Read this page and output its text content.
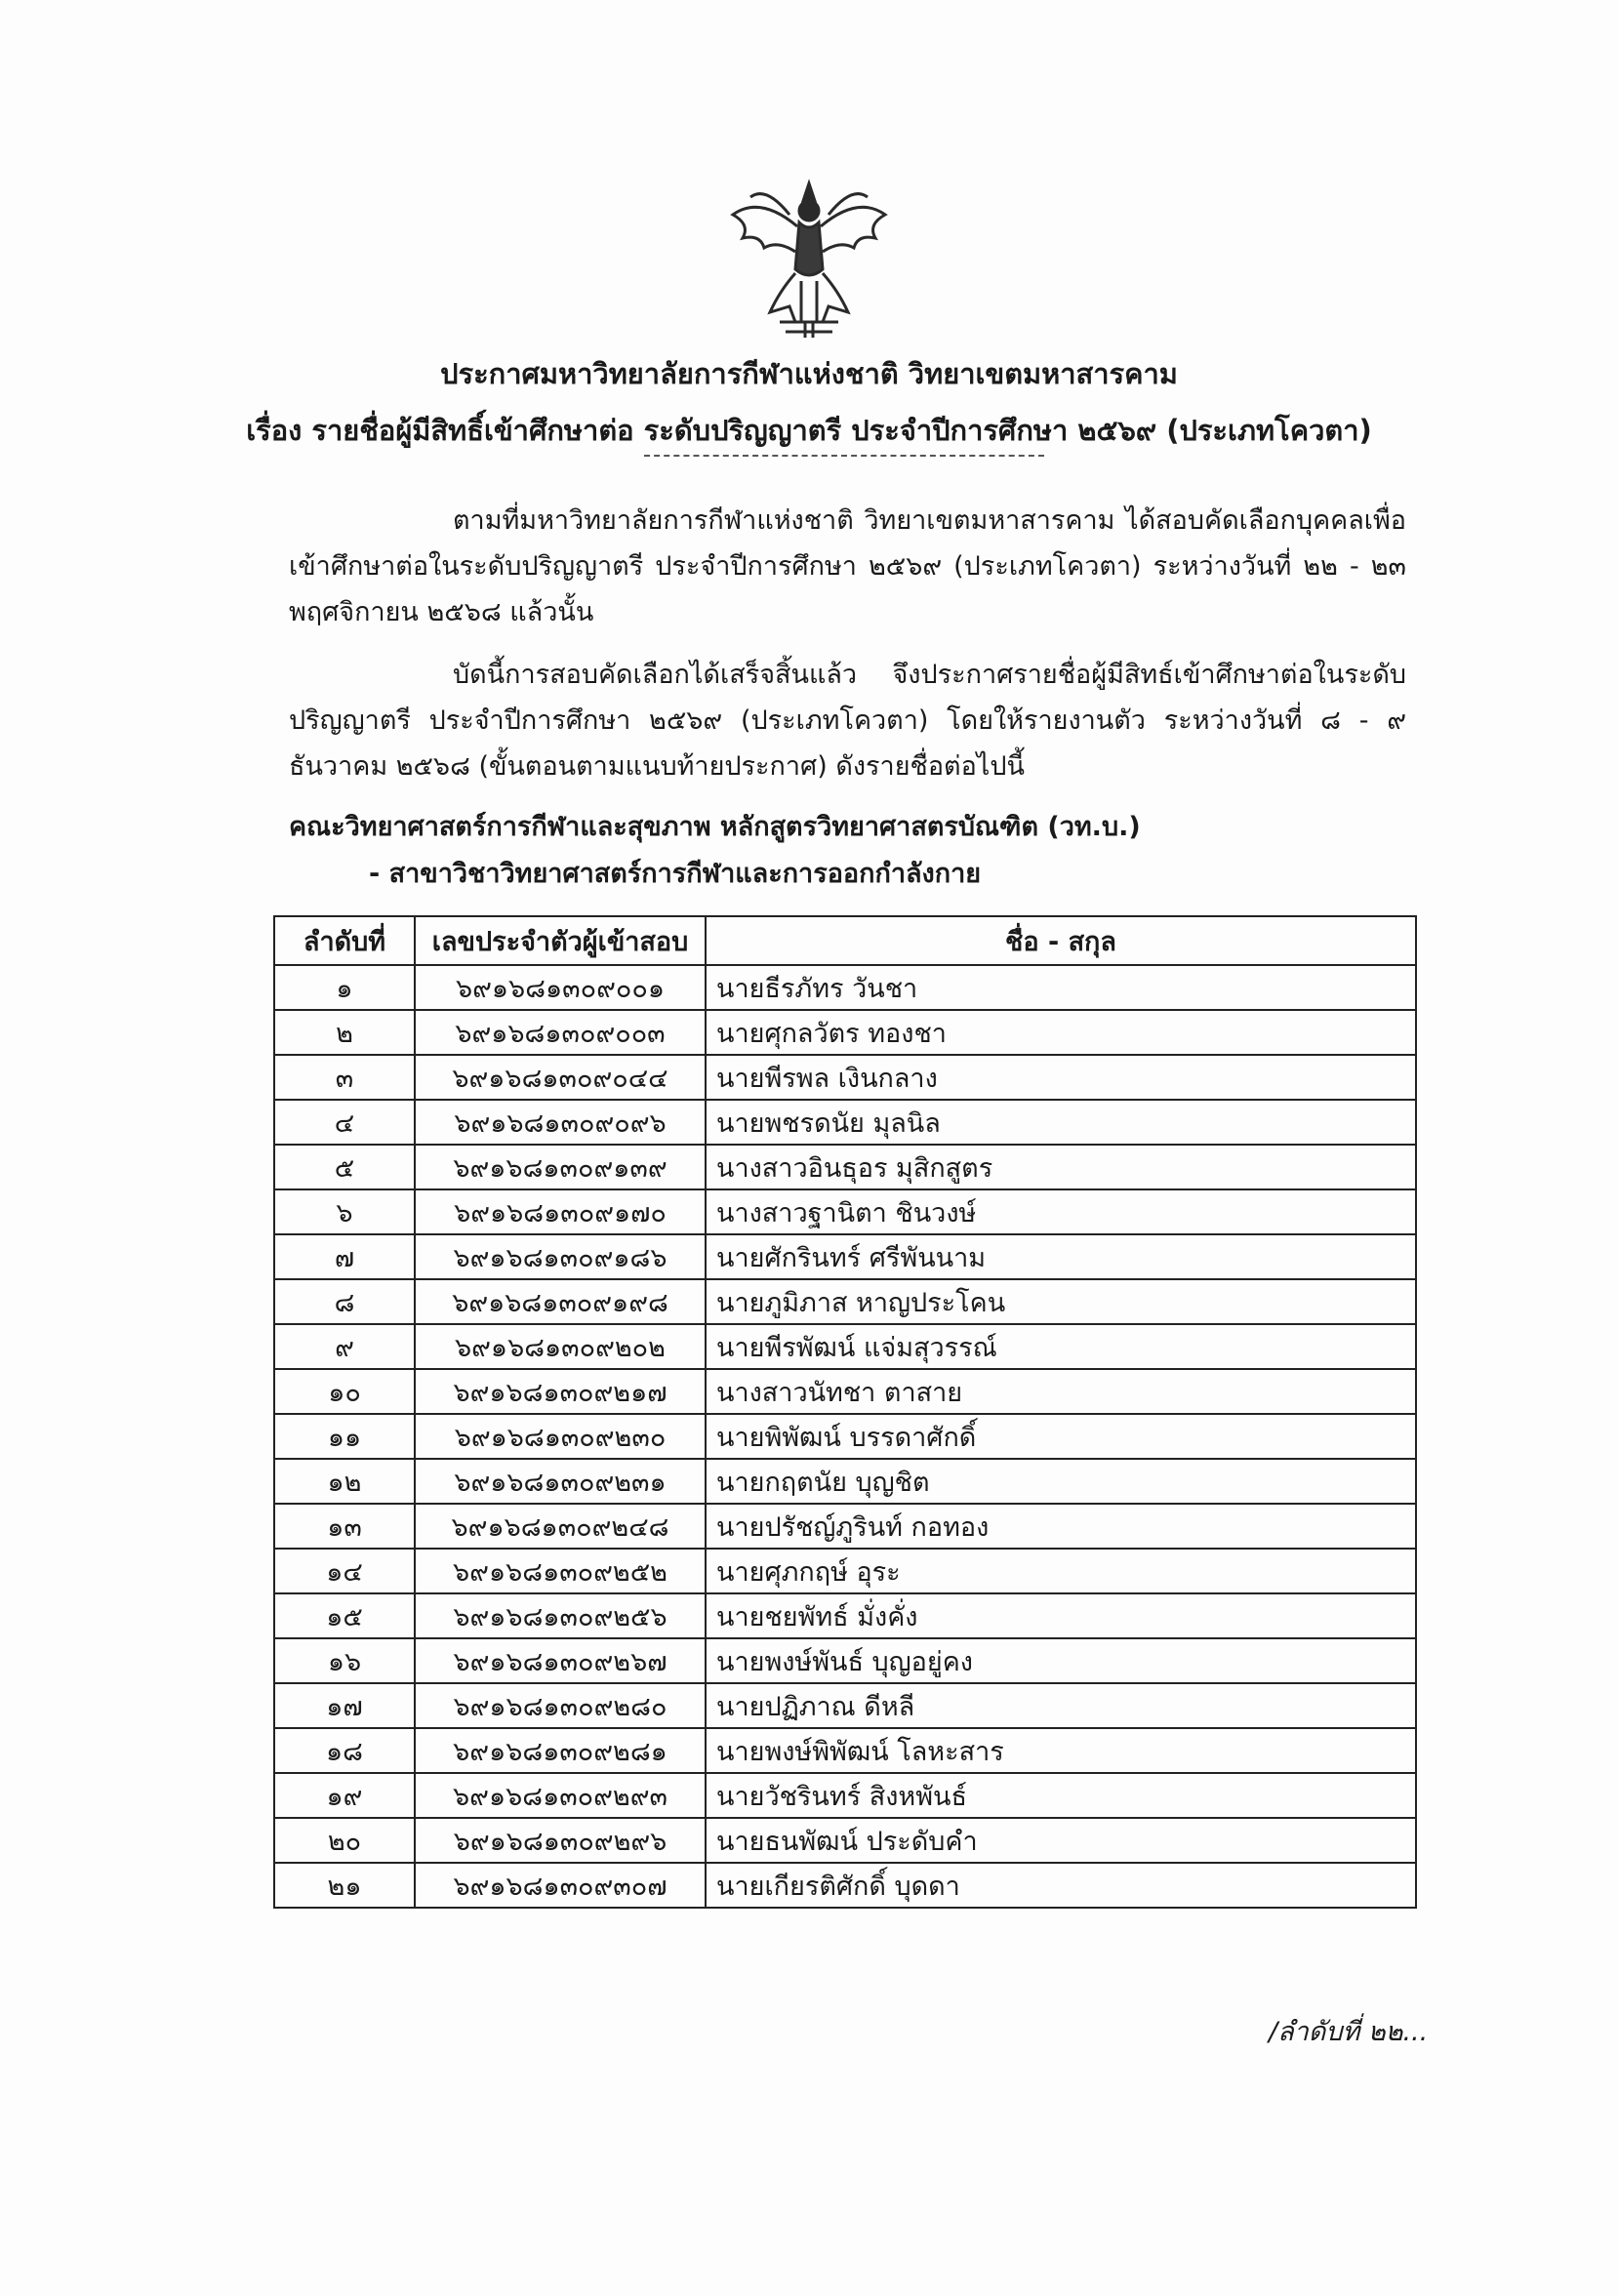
ประกาศมหาวิทยาลัยการกีฬาแห่งชาติ วิทยาเขตมหาสารคาม
เรื่อง รายชื่อผู้มีสิทธิ์เข้าศึกษาต่อ ระดับปริญญาตรี ประจำปีการศึกษา ๒๕๖๙ (ประเภทโควตา)
ตามที่มหาวิทยาลัยการกีฬาแห่งชาติ วิทยาเขตมหาสารคาม ได้สอบคัดเลือกบุคคลเพื่อเข้าศึกษาต่อในระดับปริญญาตรี ประจำปีการศึกษา ๒๕๖๙ (ประเภทโควตา) ระหว่างวันที่ ๒๒ - ๒๓ พฤศจิกายน ๒๕๖๘ แล้วนั้น
บัดนี้การสอบคัดเลือกได้เสร็จสิ้นแล้ว จึงประกาศรายชื่อผู้มีสิทธ์เข้าศึกษาต่อในระดับปริญญาตรี ประจำปีการศึกษา ๒๕๖๙ (ประเภทโควตา) โดยให้รายงานตัว ระหว่างวันที่ ๘ - ๙ ธันวาคม ๒๕๖๘ (ขั้นตอนตามแนบท้ายประกาศ) ดังรายชื่อต่อไปนี้
คณะวิทยาศาสตร์การกีฬาและสุขภาพ หลักสูตรวิทยาศาสตรบัณฑิต (วท.บ.)
- สาขาวิชาวิทยาศาสตร์การกีฬาและการออกกำลังกาย
ลำดับที่	เลขประจำตัวผู้เข้าสอบ	ชื่อ - สกุล
๑	๖๙๑๖๘๑๓๐๙๐๐๑	นายธีรภัทร วันชา
๒	๖๙๑๖๘๑๓๐๙๐๐๓	นายศุกลวัตร ทองชา
๓	๖๙๑๖๘๑๓๐๙๐๔๔	นายพีรพล เงินกลาง
๔	๖๙๑๖๘๑๓๐๙๐๙๖	นายพชรดนัย มุลนิล
๕	๖๙๑๖๘๑๓๐๙๑๓๙	นางสาวอินธุอร มุสิกสูตร
๖	๖๙๑๖๘๑๓๐๙๑๗๐	นางสาวฐานิตา ชินวงษ์
๗	๖๙๑๖๘๑๓๐๙๑๘๖	นายศักรินทร์ ศรีพันนาม
๘	๖๙๑๖๘๑๓๐๙๑๙๘	นายภูมิภาส หาญประโคน
๙	๖๙๑๖๘๑๓๐๙๒๐๒	นายพีรพัฒน์ แจ่มสุวรรณ์
๑๐	๖๙๑๖๘๑๓๐๙๒๑๗	นางสาวนัทชา ตาสาย
๑๑	๖๙๑๖๘๑๓๐๙๒๓๐	นายพิพัฒน์ บรรดาศักดิ์
๑๒	๖๙๑๖๘๑๓๐๙๒๓๑	นายกฤตนัย บุญชิต
๑๓	๖๙๑๖๘๑๓๐๙๒๔๘	นายปรัชญ์ภูรินท์ กอทอง
๑๔	๖๙๑๖๘๑๓๐๙๒๕๒	นายศุภกฤษ์ อุระ
๑๕	๖๙๑๖๘๑๓๐๙๒๕๖	นายชยพัทธ์ มั่งคั่ง
๑๖	๖๙๑๖๘๑๓๐๙๒๖๗	นายพงษ์พันธ์ บุญอยู่คง
๑๗	๖๙๑๖๘๑๓๐๙๒๘๐	นายปฏิภาณ ดีหลี
๑๘	๖๙๑๖๘๑๓๐๙๒๘๑	นายพงษ์พิพัฒน์ โลหะสาร
๑๙	๖๙๑๖๘๑๓๐๙๒๙๓	นายวัชรินทร์ สิงหพันธ์
๒๐	๖๙๑๖๘๑๓๐๙๒๙๖	นายธนพัฒน์ ประดับคำ
๒๑	๖๙๑๖๘๑๓๐๙๓๐๗	นายเกียรติศักดิ์ บุดดา
/ลำดับที่ ๒๒...
